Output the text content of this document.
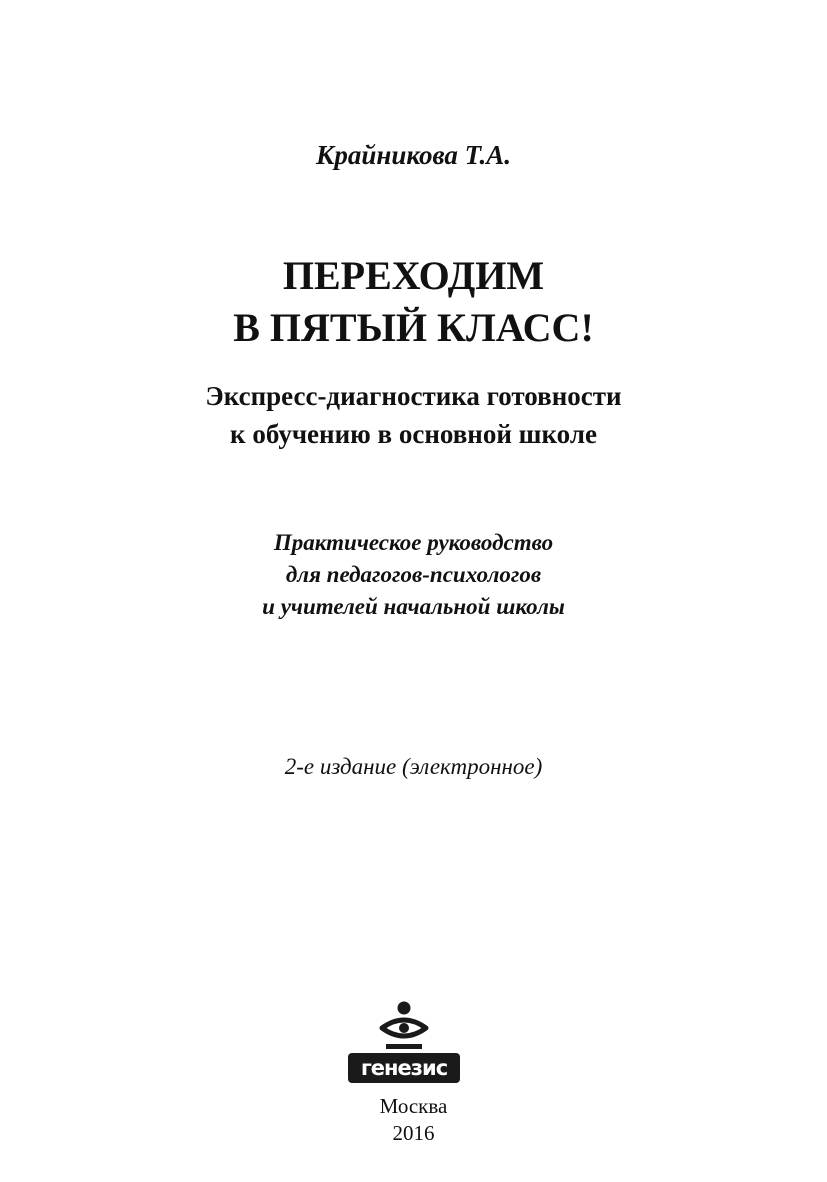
Крайникова Т.А.
ПЕРЕХОДИМ
В ПЯТЫЙ КЛАСС!
Экспресс-диагностика готовности
к обучению в основной школе
Практическое руководство
для педагогов-психологов
и учителей начальной школы
2-е издание (электронное)
генезис
Москва
2016
